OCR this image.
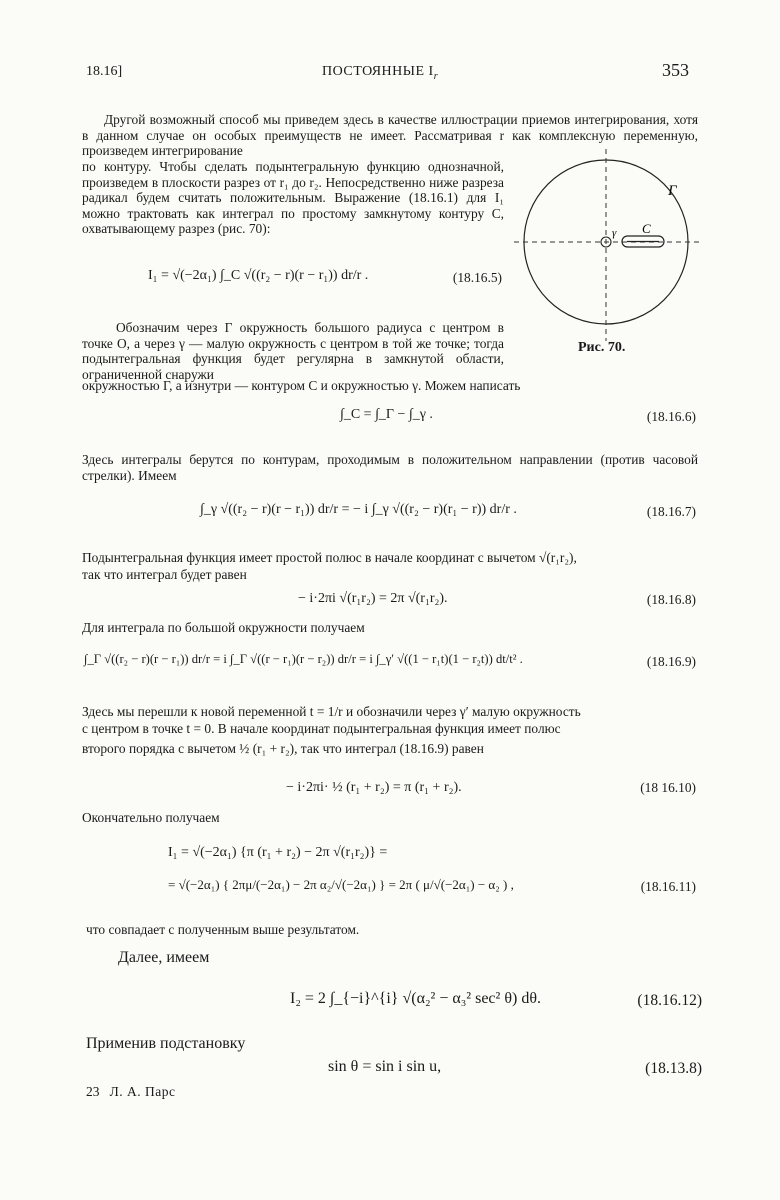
18.16]	ПОСТОЯННЫЕ $I_r$	353
Другой возможный способ мы приведем здесь в качестве иллюстрации приемов интегрирования, хотя в данном случае он особых преимуществ не имеет. Рассматривая r как комплексную переменную, произведем интегрирование
по контуру. Чтобы сделать подынтегральную функцию однозначной, произведем в плоскости разрез от r₁ до r₂. Непосредственно ниже разреза радикал будем считать положительным. Выражение (18.16.1) для I₁ можно трактовать как интеграл по простому замкнутому контуру C, охватывающему разрез (рис. 70):
I₁ = √(−2α₁) ∫_C √((r₂ − r)(r − r₁)) dr/r .	(18.16.5)
Обозначим через Γ окружность большого радиуса с центром в точке O, а через γ — малую окружность с центром в той же точке; тогда подынтегральная функция будет регулярна в замкнутой области, ограниченной снаружи
окружностью Γ, а изнутри — контуром C и окружностью γ. Можем написать
Γ
C
γ
Рис. 70.
∫_C = ∫_Γ − ∫_γ .	(18.16.6)
Здесь интегралы берутся по контурам, проходимым в положительном направлении (против часовой стрелки). Имеем
∫_γ √((r₂ − r)(r − r₁)) dr/r = − i ∫_γ √((r₂ − r)(r₁ − r)) dr/r .	(18.16.7)
Подынтегральная функция имеет простой полюс в начале координат с вычетом √(r₁r₂),
так что интеграл будет равен
− i·2πi √(r₁r₂) = 2π √(r₁r₂).	(18.16.8)
Для интеграла по большой окружности получаем
∫_Γ √((r₂ − r)(r − r₁)) dr/r = i ∫_Γ √((r − r₁)(r − r₂)) dr/r = i ∫_γ′ √((1 − r₁t)(1 − r₂t)) dt/t² .	(18.16.9)
Здесь мы перешли к новой переменной t = 1/r и обозначили через γ′ малую окружность
с центром в точке t = 0. В начале координат подынтегральная функция имеет полюс
второго порядка с вычетом ½ (r₁ + r₂), так что интеграл (18.16.9) равен
− i·2πi· ½ (r₁ + r₂) = π (r₁ + r₂).	(18 16.10)
Окончательно получаем
I₁ = √(−2α₁) {π (r₁ + r₂) − 2π √(r₁r₂)} =
= √(−2α₁) { 2πμ/(−2α₁) − 2π α₂/√(−2α₁) } = 2π ( μ/√(−2α₁) − α₂ ) ,	(18.16.11)
что совпадает с полученным выше результатом.
Далее, имеем
I₂ = 2 ∫_{−i}^{i} √(α₂² − α₃² sec² θ) dθ.	(18.16.12)
Применив подстановку
sin θ = sin i sin u,	(18.13.8)
23 Л. А. Парс
